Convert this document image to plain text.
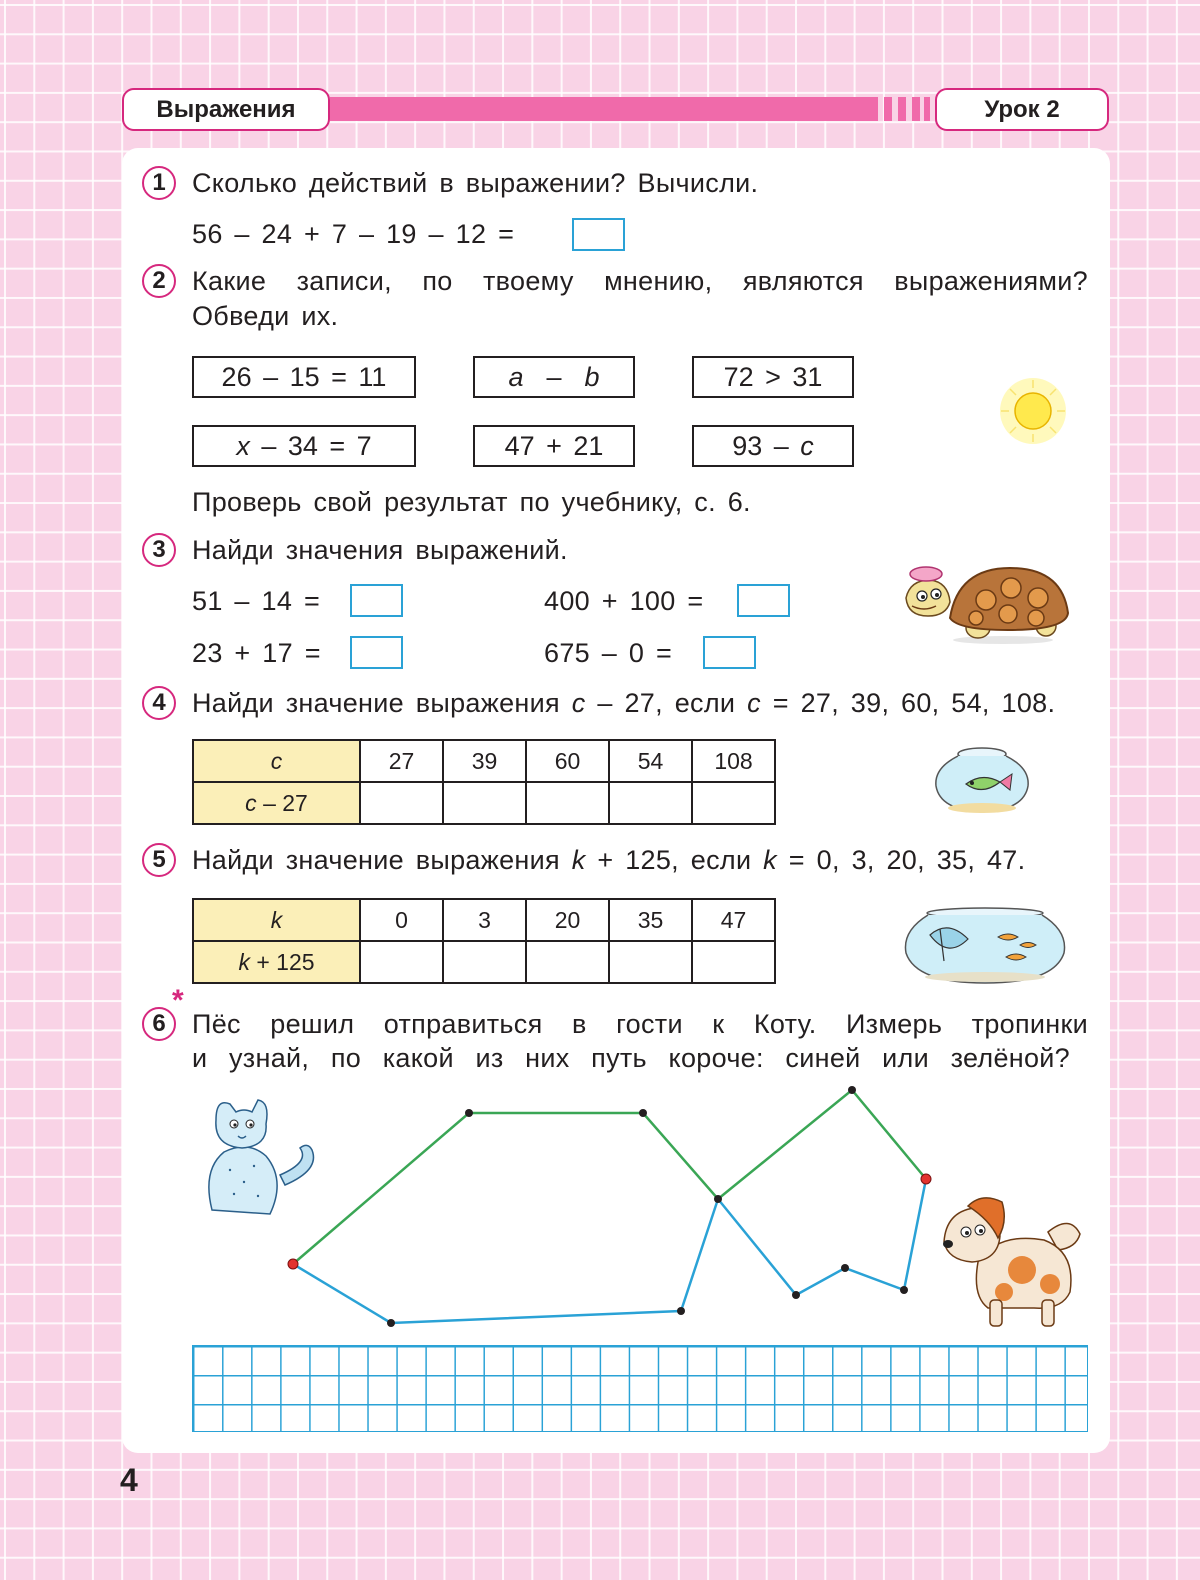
Выражения	Урок 2
1 Сколько действий в выражении? Вычисли.
56 – 24 + 7 – 19 – 12 =
2 Какие записи, по твоему мнению, являются выражениями?
Обведи их.
26 – 15 = 11	a
–
b	72 > 31
x
– 34 = 7	47 + 21	93 –
c
Проверь свой результат по учебнику, с. 6.
3 Найди значения выражений.
51 – 14 =	400 + 100 =
23 + 17 =	675 – 0 =
4 Найди значение выражения c – 27, если c = 27, 39, 60, 54, 108.
c	27	39	60	54	108
c – 27					
5 Найди значение выражения k + 125, если k = 0, 3, 20, 35, 47.
k	0	3	20	35	47
k + 125					
6
*
Пёс решил отправиться в гости к Коту. Измерь тропинки
и узнай, по какой из них путь короче: синей или зелёной?
4
